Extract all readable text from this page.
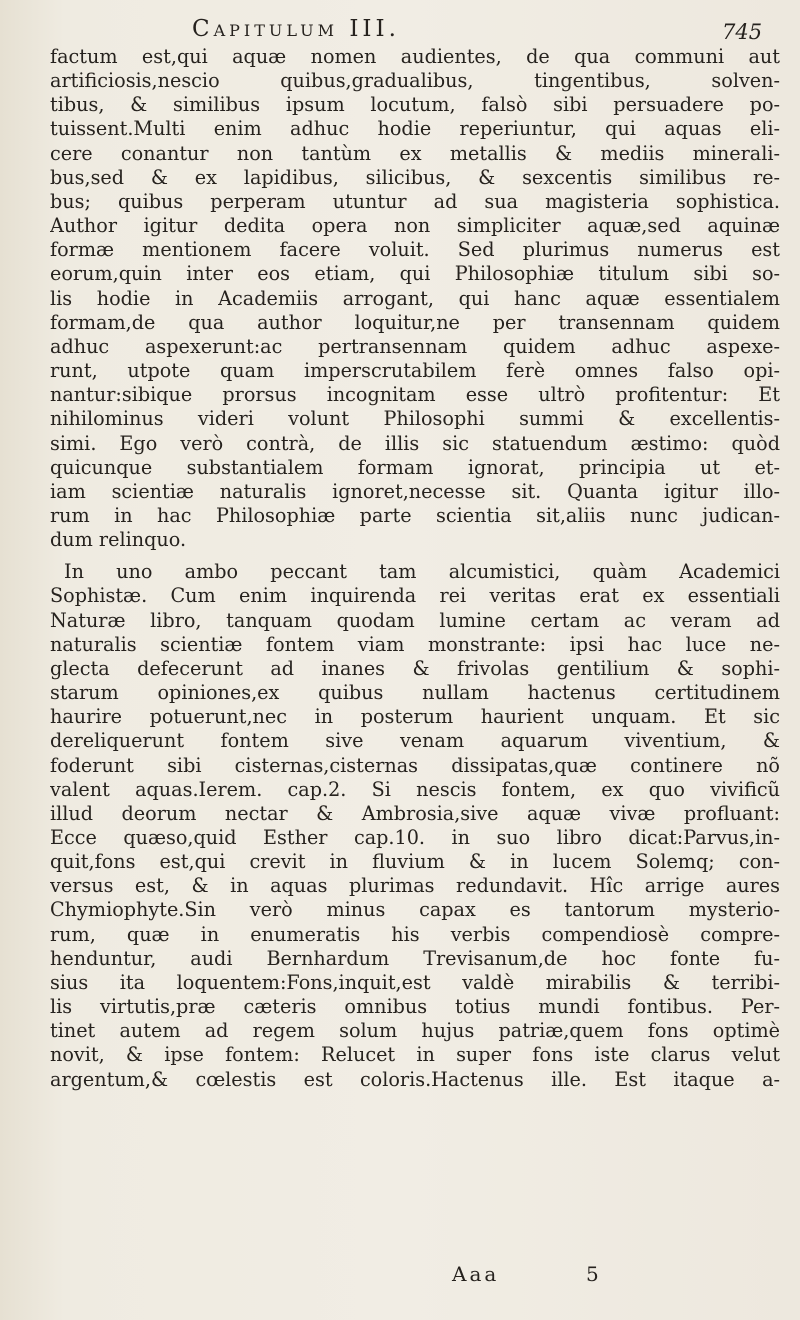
Capitulum III.	745
factum est,qui aquæ nomen audientes, de qua communi aut
artificiosis,nescio quibus,gradualibus, tingentibus, solven-
tibus, & similibus ipsum locutum, falsò sibi persuadere po-
tuissent.Multi enim adhuc hodie reperiuntur, qui aquas eli-
cere conantur non tantùm ex metallis & mediis minerali-
bus,sed & ex lapidibus, silicibus, & sexcentis similibus re-
bus; quibus perperam utuntur ad sua magisteria sophistica.
Author igitur dedita opera non simpliciter aquæ,sed aquinæ
formæ mentionem facere voluit. Sed plurimus numerus est
eorum,quin inter eos etiam, qui Philosophiæ titulum sibi so-
lis hodie in Academiis arrogant, qui hanc aquæ essentialem
formam,de qua author loquitur,ne per transennam quidem
adhuc aspexerunt:ac pertransennam quidem adhuc aspexe-
runt, utpote quam imperscrutabilem ferè omnes falso opi-
nantur:sibique prorsus incognitam esse ultrò profitentur: Et
nihilominus videri volunt Philosophi summi & excellentis-
simi. Ego verò contrà, de illis sic statuendum æstimo: quòd
quicunque substantialem formam ignorat, principia ut et-
iam scientiæ naturalis ignoret,necesse sit. Quanta igitur illo-
rum in hac Philosophiæ parte scientia sit,aliis nunc judican-
dum relinquo.
In uno ambo peccant tam alcumistici, quàm Academici
Sophistæ. Cum enim inquirenda rei veritas erat ex essentiali
Naturæ libro, tanquam quodam lumine certam ac veram ad
naturalis scientiæ fontem viam monstrante: ipsi hac luce ne-
glecta defecerunt ad inanes & frivolas gentilium & sophi-
starum opiniones,ex quibus nullam hactenus certitudinem
haurire potuerunt,nec in posterum haurient unquam. Et sic
dereliquerunt fontem sive venam aquarum viventium, &
foderunt sibi cisternas,cisternas dissipatas,quæ continere nõ
valent aquas.Ierem. cap.2. Si nescis fontem, ex quo vivificũ
illud deorum nectar & Ambrosia,sive aquæ vivæ profluant:
Ecce quæso,quid Esther cap.10. in suo libro dicat:Parvus,in-
quit,fons est,qui crevit in fluvium & in lucem Solemq; con-
versus est, & in aquas plurimas redundavit. Hîc arrige aures
Chymiophyte.Sin verò minus capax es tantorum mysterio-
rum, quæ in enumeratis his verbis compendiosè compre-
henduntur, audi Bernhardum Trevisanum,de hoc fonte fu-
sius ita loquentem:Fons,inquit,est valdè mirabilis & terribi-
lis virtutis,præ cæteris omnibus totius mundi fontibus. Per-
tinet autem ad regem solum hujus patriæ,quem fons optimè
novit, & ipse fontem: Relucet in super fons iste clarus velut
argentum,& cœlestis est coloris.Hactenus ille. Est itaque a-
Aaa	5
